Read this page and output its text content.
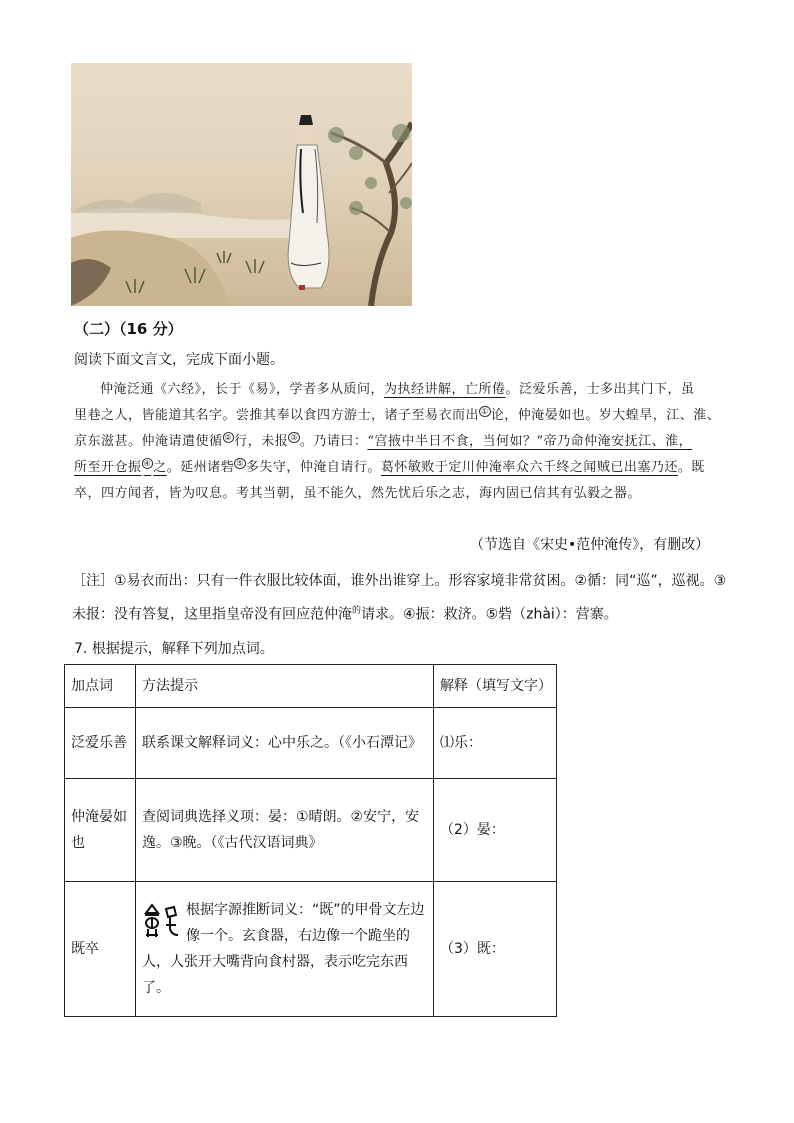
（二）（16 分）
阅读下面文言文，完成下面小题。
仲淹泛通《六经》，长于《易》，学者多从质问，为执经讲解，亡所倦。泛爱乐善，士多出其门下，虽
里巷之人，皆能道其名字。尝推其奉以食四方游士，诸子至易衣而出 ① 论，仲淹晏如也。岁大蝗旱，江、淮、
京东滋甚。仲淹请遣使循 ② 行，未报 ③ 。乃请曰：“宫掖中半日不食，当何如？”帝乃命仲淹安抚江、淮，
所至开仓振 ④ 之。延州诸砦 ⑤ 多失守，仲淹自请行。葛怀敏败于定川仲淹率众六千终之闻贼已出塞乃还。既
卒，四方闻者，皆为叹息。考其当朝，虽不能久，然先忧后乐之志，海内固已信其有弘毅之器。
（节选自《宋史•范仲淹传》，有删改）
［注］①易衣而出：只有一件衣服比较体面，谁外出谁穿上。形容家境非常贫困。②循：同“巡”，巡视。③
未报：没有答复，这里指皇帝没有回应范仲淹$^的$请求。④振：救济。⑤砦（zhài）：营寨。
7. 根据提示，解释下列加点词。
加点词	方法提示	解释（填写文字）
泛爱乐善	联系课文解释词义：心中乐之。（《小石潭记》	⑴乐：
仲淹晏如也	查阅词典选择义项：晏：①晴朗。②安宁，安逸。③晚。（《古代汉语词典》	（2）晏：
既卒	根据字源推断词义：“既”的甲骨文左边像一个。玄食器，右边像一个跪坐的人，人张开大嘴背向食村器，表示吃完东西了。	（3）既：
